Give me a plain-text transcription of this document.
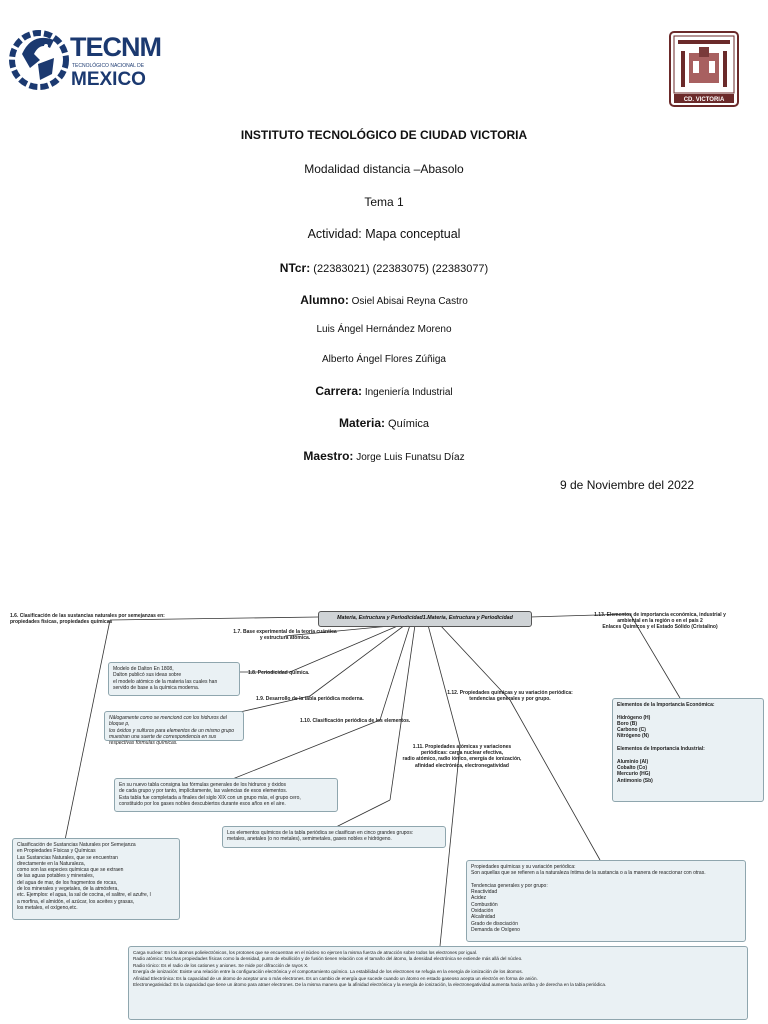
TECNM
TECNOLÓGICO NACIONAL DE
MEXICO
CD. VICTORIA
INSTITUTO TECNOLÓGICO DE CIUDAD VICTORIA
Modalidad distancia –Abasolo
Tema 1
Actividad: Mapa conceptual
NTcr: (22383021) (22383075) (22383077)
Alumno: Osiel Abisai Reyna Castro
Luis Ángel Hernández Moreno
Alberto Ángel Flores Zúñiga
Carrera: Ingeniería Industrial
Materia: Química
Maestro: Jorge Luis Funatsu Díaz
9 de Noviembre del 2022
Materia, Estructura y Periodicidad1.Materia, Estructura y Periodicidad
1.6. Clasificación de las sustancias naturales por semejanzas en:
propiedades físicas, propiedades químicas
1.7. Base experimental de la teoría cuántica
y estructura atómica.
1.8. Periodicidad química.
1.9. Desarrollo de la tabla periódica moderna.
1.10. Clasificación periódica de los elementos.
1.11. Propiedades atómicas y variaciones
periódicas: carga nuclear efectiva,
radio atómico, radio iónico, energía de ionización,
afinidad electrónica, electronegatividad
1.12. Propiedades químicas y su variación periódica:
tendencias generales y por grupo.
1.13. Elementos de importancia económica, industrial y
ambiental en la región o en el país 2
Enlaces Químicos y el Estado Sólido (Cristalino)
Modelo de Dalton En 1808,
Dalton publicó sus ideas sobre
el modelo atómico de la materia las cuales han
servido de base a la química moderna.
Nâlogamente como se mencionó con los hidruros del bloque p,
los óxidos y sulfuros para elementos de un mismo grupo
muestran una suerte de correspondencia en sus
respectivas fórmulas químicas.
En su nuevo tabla consigna las fórmulas generales de los hidruros y óxidos
de cada grupo y por tanto, implícitamente, las valencias de esos elementos.
Esta tabla fue completada a finales del siglo XIX con un grupo más, el grupo cero,
constituido por los gases nobles descubiertos durante esos años en el aire.
Los elementos químicos de la tabla periódica se clasifican en cinco grandes grupos:
metales, anetales (o no metales), semimetales, gases nobles e hidrógeno.
Clasificación de Sustancias Naturales por Semejanza
en Propiedades Físicas y Químicas
Las Sustancias Naturales, que se encuentran
directamente en la Naturaleza,
como son las especies químicas que se extraen
de las aguas potables y minerales,
del agua de mar, de los fragmentos de rocas,
de los minerales y vegetales, de la atmósfera,
etc. Ejemplos: el agua, la sal de cocina, el salitre, el azufre, l
a morfina, el almidón, el azúcar, los aceites y grasas,
los metales, el oxígeno,etc.
Elementos de la Importancia Económica:

Hidrógeno (H)
Boro (B)
Carbono (C)
Nitrógeno (N)

Elementos de Importancia Industrial:

Aluminio (Al)
Cobalto (Co)
Mercurio (HG)
Antimonio (Sb)
Propiedades químicas y su variación periódica:
Son aquellas que se refieren a la naturaleza íntima de la sustancia o a la manera de reaccionar con otras.

Tendencias generales y por grupo:
Reactividad
Acidez
Combustión
Oxidación
Alcalinidad
Grado de disociación
Demanda de Oxígeno
Carga nuclear: En los átomos polielectrónicos, los protones que se encuentran en el núcleo no ejercen la misma fuerza de atracción sobre todos los electrones por igual.
Radio atómico: Muchas propiedades físicas como la densidad, punto de ebullición y de fusión tienen relación con el tamaño del átomo, la densidad electrónica se extiende más allá del núcleo.
Radio Iónico: Es el radio de los cationes y aniones. Se mide por difracción de rayos X.
Energía de ionización: Existe una relación entre la configuración electrónica y el comportamiento químico. La estabilidad de los electrones se refugia en la energía de ionización de los átomos.
Afinidad Electrónica: Es la capacidad de un átomo de aceptar uno o más electrones. Es un cambio de energía que sucede cuando un átomo en estado gaseoso acepta un electrón en forma de anión.
Electronegatividad: Es la capacidad que tiene un átomo para atraer electrones. De la misma manera que la afinidad electrónica y la energía de ionización, la electronegatividad aumenta hacia arriba y de derecha en la tabla periódica.
